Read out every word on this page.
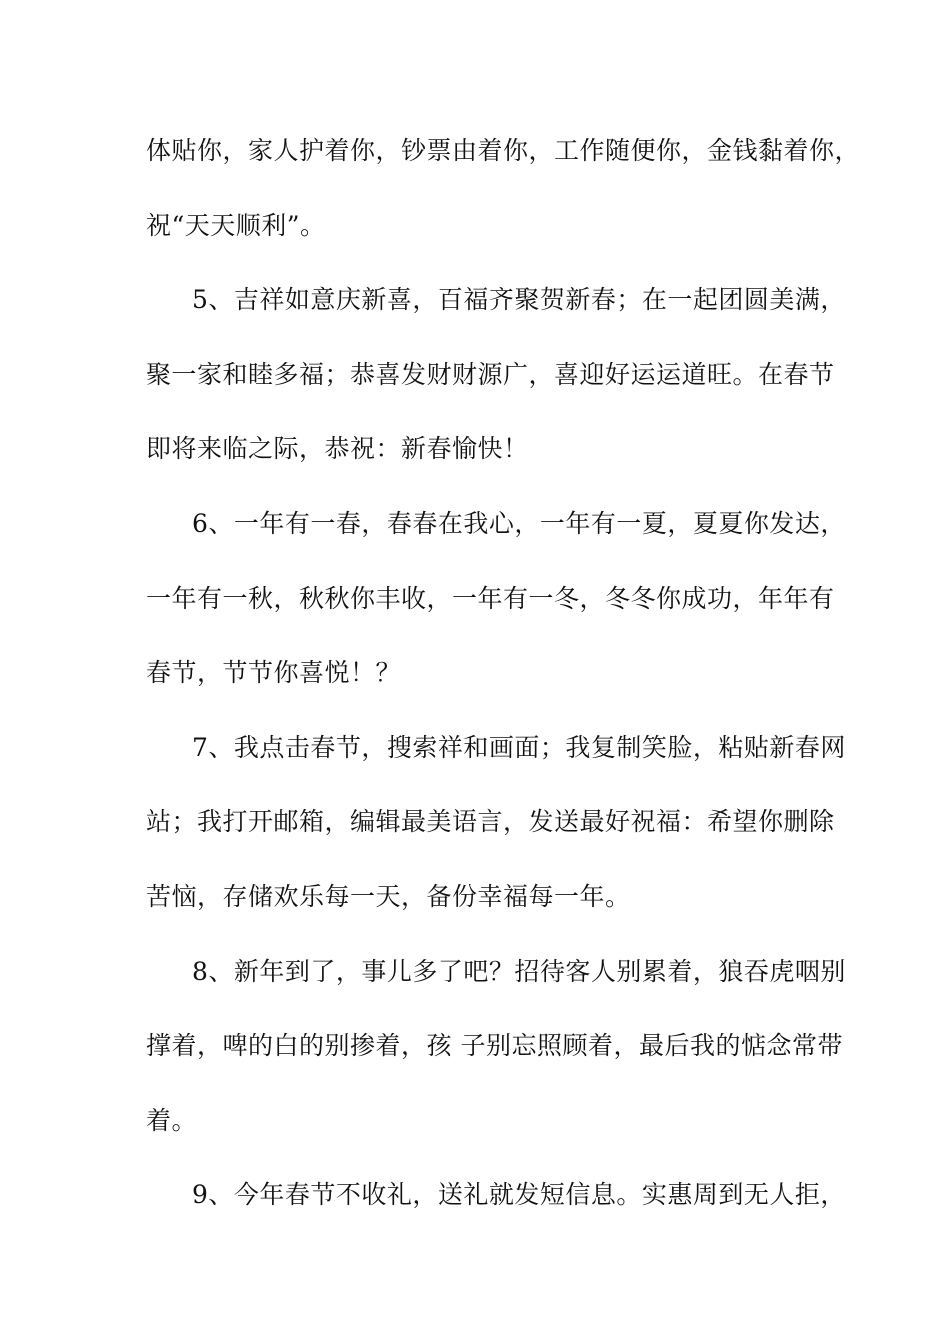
体贴你，家人护着你，钞票由着你，工作随便你，金钱黏着你，
祝“天天顺利”。
5、吉祥如意庆新喜，百福齐聚贺新春；在一起团圆美满，
聚一家和睦多福；恭喜发财财源广，喜迎好运运道旺。在春节
即将来临之际，恭祝：新春愉快！
6、一年有一春，春春在我心，一年有一夏，夏夏你发达，
一年有一秋，秋秋你丰收，一年有一冬，冬冬你成功，年年有
春节，节节你喜悦！？
7、我点击春节，搜索祥和画面；我复制笑脸，粘贴新春网
站；我打开邮箱，编辑最美语言，发送最好祝福：希望你删除
苦恼，存储欢乐每一天，备份幸福每一年。
8、新年到了，事儿多了吧？招待客人别累着，狼吞虎咽别
撑着，啤的白的别掺着，孩 子别忘照顾着，最后我的惦念常带
着。
9、今年春节不收礼，送礼就发短信息。实惠周到无人拒，
